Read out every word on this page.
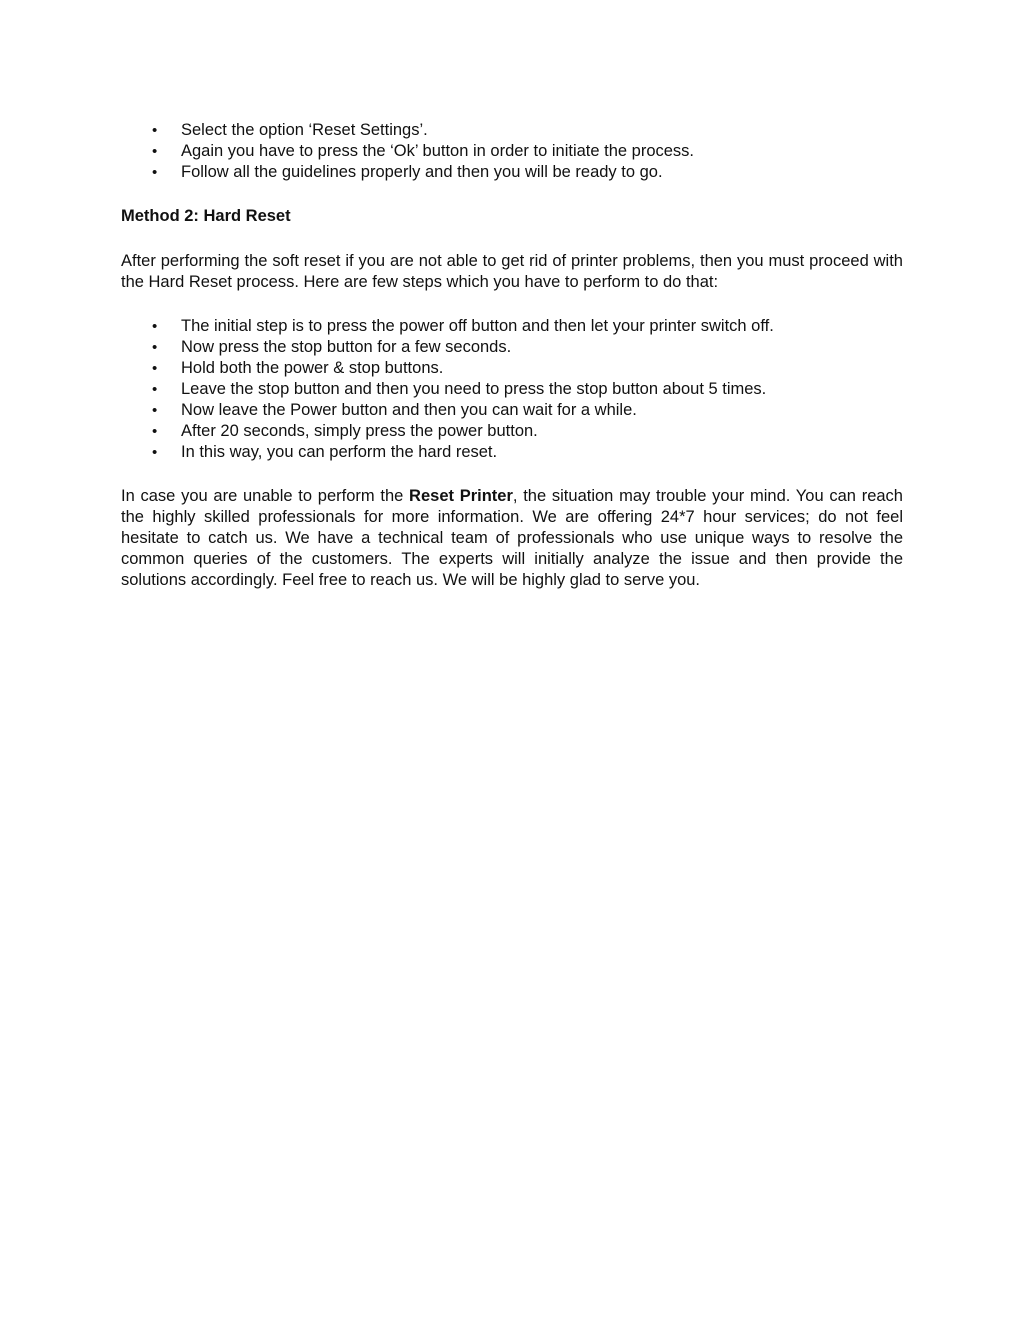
• Select the option ‘Reset Settings’.
• Again you have to press the ‘Ok’ button in order to initiate the process.
• Follow all the guidelines properly and then you will be ready to go.

Method 2: Hard Reset

After performing the soft reset if you are not able to get rid of printer problems, then you must proceed with the Hard Reset process. Here are few steps which you have to perform to do that:

• The initial step is to press the power off button and then let your printer switch off.
• Now press the stop button for a few seconds.
• Hold both the power & stop buttons.
• Leave the stop button and then you need to press the stop button about 5 times.
• Now leave the Power button and then you can wait for a while.
• After 20 seconds, simply press the power button.
• In this way, you can perform the hard reset.

In case you are unable to perform the Reset Printer, the situation may trouble your mind. You can reach the highly skilled professionals for more information. We are offering 24*7 hour services; do not feel hesitate to catch us. We have a technical team of professionals who use unique ways to resolve the common queries of the customers. The experts will initially analyze the issue and then provide the solutions accordingly. Feel free to reach us. We will be highly glad to serve you.
